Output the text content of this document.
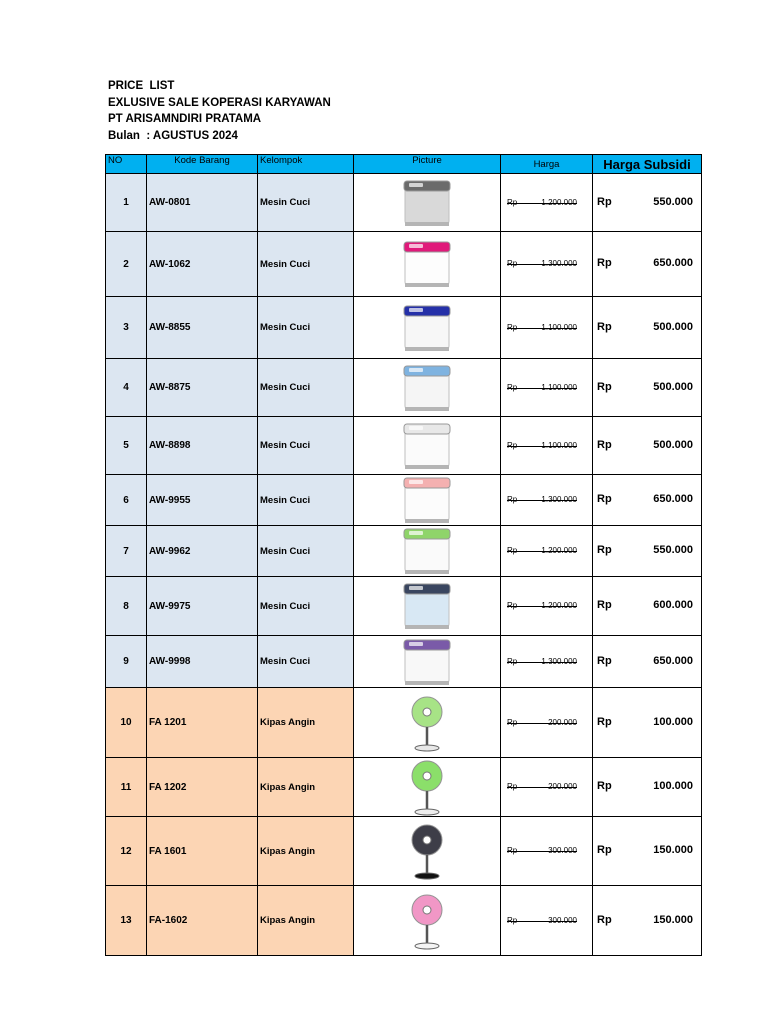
PRICE  LIST
EXLUSIVE SALE KOPERASI KARYAWAN
PT ARISAMNDIRI PRATAMA
Bulan  : AGUSTUS 2024
NO	Kode Barang	Kelompok	Picture	Harga	Harga Subsidi
1	AW-0801	Mesin Cuci		Rp 1.200.000	Rp 550.000

2	AW-1062	Mesin Cuci		Rp 1.300.000	Rp 650.000

3	AW-8855	Mesin Cuci		Rp 1.100.000	Rp 500.000

4	AW-8875	Mesin Cuci		Rp 1.100.000	Rp 500.000

5	AW-8898	Mesin Cuci		Rp 1.100.000	Rp 500.000

6	AW-9955	Mesin Cuci		Rp 1.300.000	Rp 650.000

7	AW-9962	Mesin Cuci		Rp 1.200.000	Rp 550.000

8	AW-9975	Mesin Cuci		Rp 1.200.000	Rp 600.000

9	AW-9998	Mesin Cuci		Rp 1.300.000	Rp 650.000

10	FA 1201	Kipas Angin		Rp 200.000	Rp 100.000

11	FA 1202	Kipas Angin		Rp 200.000	Rp 100.000

12	FA 1601	Kipas Angin		Rp 300.000	Rp 150.000

13	FA-1602	Kipas Angin		Rp 300.000	Rp 150.000
